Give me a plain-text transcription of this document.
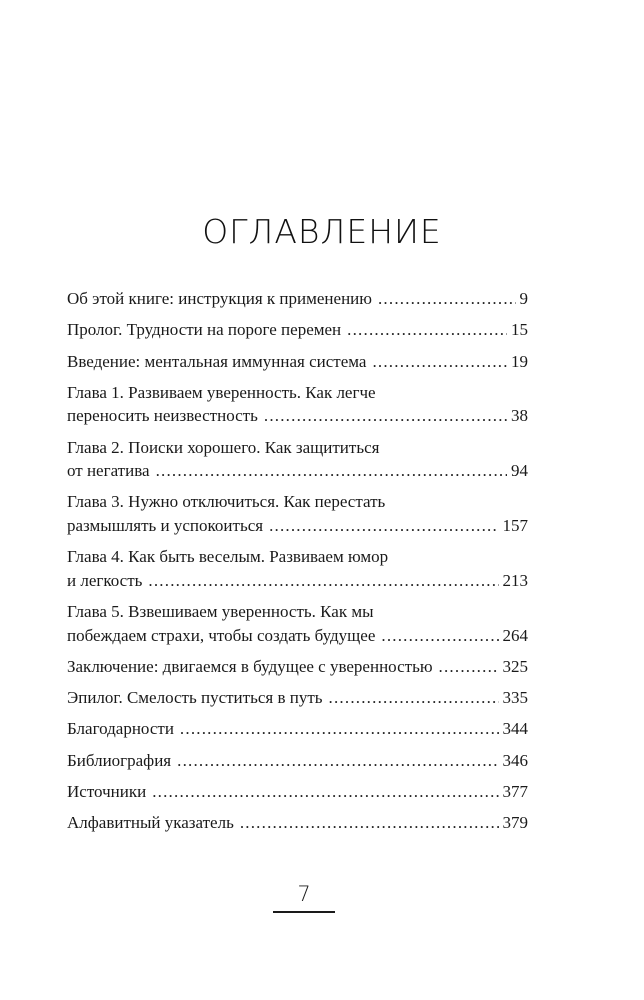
ОГЛАВЛЕНИЕ
Об этой книге: инструкция к применению .....	9
Пролог. Трудности на пороге перемен .....	15
Введение: ментальная иммунная система .....	19
Глава 1. Развиваем уверенность. Как легче
переносить неизвестность .....	38
Глава 2. Поиски хорошего. Как защититься
от негатива .....	94
Глава 3. Нужно отключиться. Как перестать
размышлять и успокоиться .....	157
Глава 4. Как быть веселым. Развиваем юмор
и легкость .....	213
Глава 5. Взвешиваем уверенность. Как мы
побеждаем страхи, чтобы создать будущее .....	264
Заключение: двигаемся в будущее с уверенностью .....	325
Эпилог. Смелость пуститься в путь .....	335
Благодарности .....	344
Библиография .....	346
Источники .....	377
Алфавитный указатель .....	379
7
